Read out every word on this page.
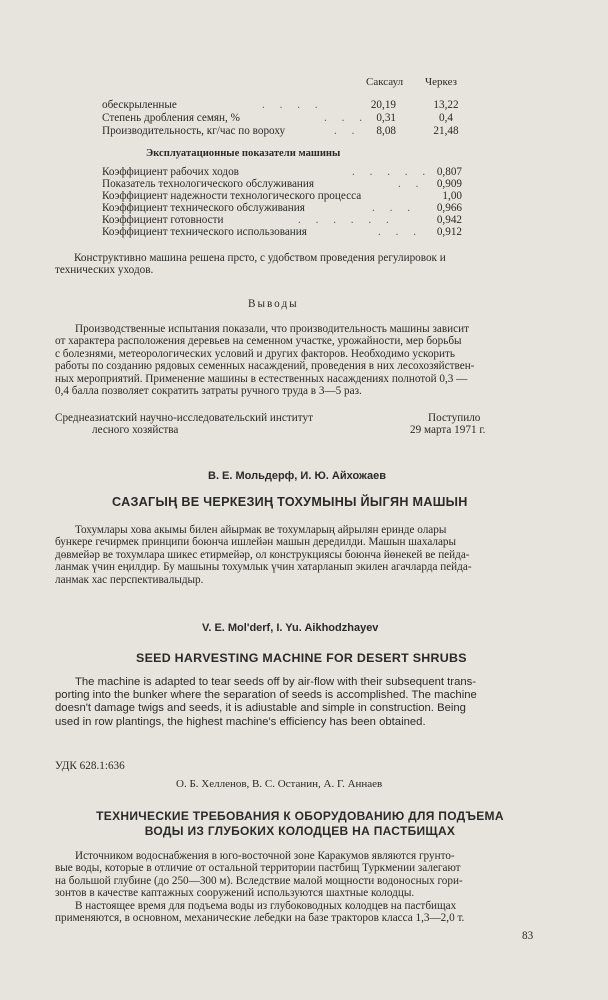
Саксаул Черкез
обескрыленные	. . . .	20,19	13,22
Степень дробления семян, %	. . . 0,31	0,4
Производительность, кг/час по вороху	. . 8,08	21,48
Эксплуатационные показатели машины
Коэффициент рабочих ходов	. . . . . 0,807
Показатель технологического обслуживания	. . 0,909
Коэффициент надежности технологического процесса	1,00
Коэффициент технического обслуживания	. . . 0,966
Коэффициент готовности	. . . . . .	0,942
Коэффициент технического использования	. . . 0,912
Конструктивно машина решена прсто, с удобством проведения регулировок и
технических уходов.
Выводы
Производственные испытания показали, что производительность машины зависит
от характера расположения деревьев на семенном участке, урожайности, мер борьбы
с болезнями, метеорологических условий и других факторов. Необходимо ускорить
работы по созданию рядовых семенных насаждений, проведения в них лесохозяйствен-
ных мероприятий. Применение машины в естественных насаждениях полнотой 0,3 —
0,4 балла позволяет сократить затраты ручного труда в 3—5 раз.
Среднеазиатский научно-исследовательский институт
лесного хозяйства
Поступило
29 марта 1971 г.
В. Е. Мольдерф, И. Ю. Айхожаев
САЗАГЫҢ ВЕ ЧЕРКЕЗИҢ ТОХУМЫНЫ ЙЫГЯН МАШЫН
Тохумлары хова акымы билен айырмак ве тохумларың айрылян еринде олары
бункере гечирмек принципи боюнча ишлейән машын дередилди. Машын шахалары
дөвмейәр ве тохумлара шикес етирмейәр, ол конструкциясы боюнча йөнекей ве пейда-
ланмак үчин еңилдир. Бу машыны тохумлык үчин хатарланып экилен агачларда пейда-
ланмак хас перспективалыдыр.
V. E. Mol'derf, I. Yu. Aikhodzhayev
SEED HARVESTING MACHINE FOR DESERT SHRUBS
The machine is adapted to tear seeds off by air-flow with their subsequent trans-
porting into the bunker where the separation of seeds is accomplished. The machine
doesn't damage twigs and seeds, it is adiustable and simple in construction. Being
used in row plantings, the highest machine's efficiency has been obtained.
УДК 628.1:636
О. Б. Хелленов, В. С. Останин, А. Г. Аннаев
ТЕХНИЧЕСКИЕ ТРЕБОВАНИЯ К ОБОРУДОВАНИЮ ДЛЯ ПОДЪЕМА
ВОДЫ ИЗ ГЛУБОКИХ КОЛОДЦЕВ НА ПАСТБИЩАХ
Источником водоснабжения в юго-восточной зоне Каракумов являются грунто-
вые воды, которые в отличие от остальной территории пастбищ Туркмении залегают
на большой глубине (до 250—300 м). Вследствие малой мощности водоносных гори-
зонтов в качестве каптажных сооружений используются шахтные колодцы.
В настоящее время для подъема воды из глубоководных колодцев на пастбищах
применяются, в основном, механические лебедки на базе тракторов класса 1,3—2,0 т.
83
